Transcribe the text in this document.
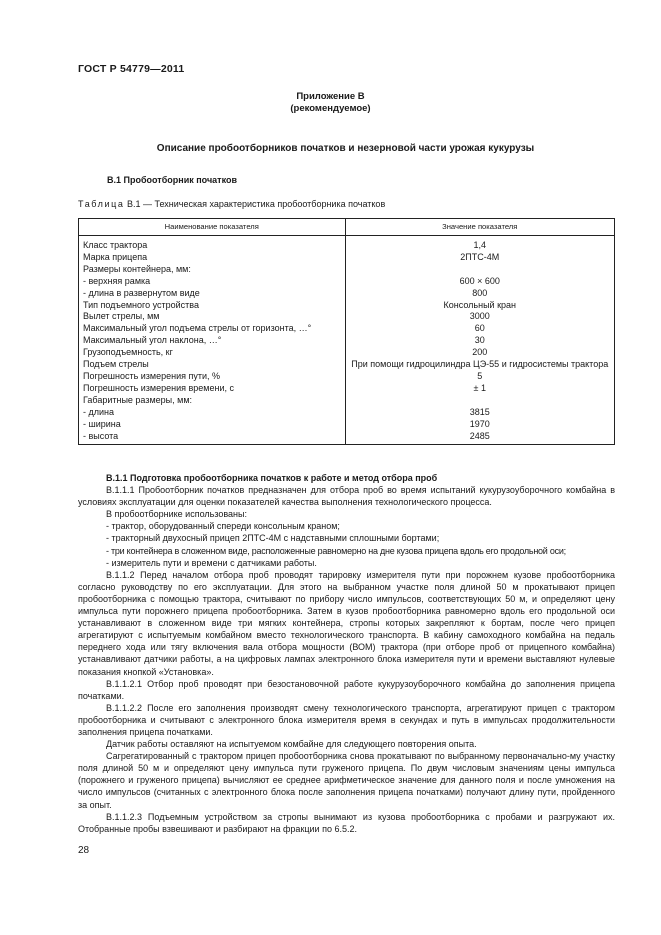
ГОСТ Р 54779—2011
Приложение В
(рекомендуемое)
Описание пробоотборников початков и незерновой части урожая кукурузы
В.1 Пробоотборник початков
Таблица В.1 — Техническая характеристика пробоотборника початков
Наименование показателя	Значение показателя
Класс трактора	1,4
Марка прицепа	2ПТС-4М
Размеры контейнера, мм:	
- верхняя рамка	600 × 600
- длина в развернутом виде	800
Тип подъемного устройства	Консольный кран
Вылет стрелы, мм	3000
Максимальный угол подъема стрелы от горизонта, …°	60
Максимальный угол наклона, …°	30
Грузоподъемность, кг	200
Подъем стрелы	При помощи гидроцилиндра ЦЭ-55 и гидросистемы трактора
Погрешность измерения пути, %	5
Погрешность измерения времени, с	± 1
Габаритные размеры, мм:	
- длина	3815
- ширина	1970
- высота	2485

В.1.1 Подготовка пробоотборника початков к работе и метод отбора проб

В.1.1.1 Пробоотборник початков предназначен для отбора проб во время испытаний кукурузоуборочного комбайна в условиях эксплуатации для оценки показателей качества выполнения технологического процесса.

В пробоотборнике использованы:

- трактор, оборудованный спереди консольным краном;

- тракторный двухосный прицеп 2ПТС-4М с надставными сплошными бортами;

- три контейнера в сложенном виде, расположенные равномерно на дне кузова прицепа вдоль его продольной оси;

- измеритель пути и времени с датчиками работы.

В.1.1.2 Перед началом отбора проб проводят тарировку измерителя пути при порожнем кузове пробоотборника согласно руководству по его эксплуатации. Для этого на выбранном участке поля длиной 50 м прокатывают прицеп пробоотборника с помощью трактора, считывают по прибору число импульсов, соответствующих 50 м, и определяют цену импульса пути порожнего прицепа пробоотборника. Затем в кузов пробоотборника равномерно вдоль его продольной оси устанавливают в сложенном виде три мягких контейнера, стропы которых закрепляют к бортам, после чего прицеп агрегатируют с испытуемым комбайном вместо технологического транспорта. В кабину самоходного комбайна на педаль переднего хода или тягу включения вала отбора мощности (ВОМ) трактора (при отборе проб от прицепного комбайна) устанавливают датчики работы, а на цифровых лампах электронного блока измерителя пути и времени выставляют нулевые показания кнопкой «Установка».

В.1.1.2.1 Отбор проб проводят при безостановочной работе кукурузоуборочного комбайна до заполнения прицепа початками.

В.1.1.2.2 После его заполнения производят смену технологического транспорта, агрегатируют прицеп с трактором пробоотборника и считывают с электронного блока измерителя время в секундах и путь в импульсах продолжительности заполнения прицепа початками.

Датчик работы оставляют на испытуемом комбайне для следующего повторения опыта.

Сагрегатированный с трактором прицеп пробоотборника снова прокатывают по выбранному первоначально-му участку поля длиной 50 м и определяют цену импульса пути груженого прицепа. По двум числовым значениям цены импульса (порожнего и груженого прицепа) вычисляют ее среднее арифметическое значение для данного поля и после умножения на число импульсов (считанных с электронного блока после заполнения прицепа початками) получают длину пути, пройденного за опыт.

В.1.1.2.3 Подъемным устройством за стропы вынимают из кузова пробоотборника с пробами и разгружают их. Отобранные пробы взвешивают и разбирают на фракции по 6.5.2.

28
